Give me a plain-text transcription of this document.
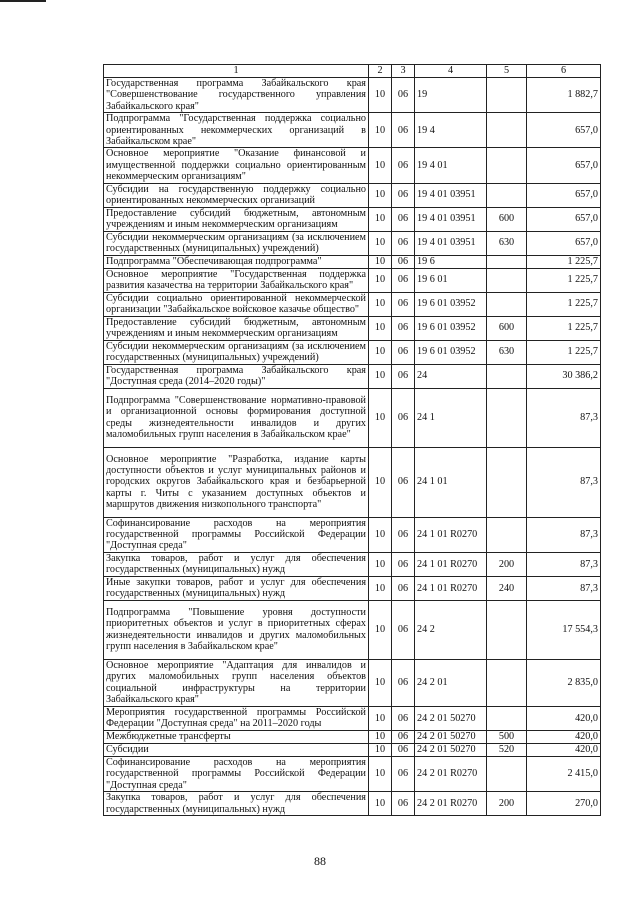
1	2	3	4	5	6
Государственная программа Забайкальского края "Совершенствование государственного управления Забайкальского края"	10	06	19		1 882,7
Подпрограмма "Государственная поддержка социально ориентированных некоммерческих организаций в Забайкальском крае"	10	06	19 4		657,0
Основное мероприятие "Оказание финансовой и имущественной поддержки социально ориентированным некоммерческим организациям"	10	06	19 4 01		657,0
Субсидии на государственную поддержку социально ориентированных некоммерческих организаций	10	06	19 4 01 03951		657,0
Предоставление субсидий бюджетным, автономным учреждениям и иным некоммерческим организациям	10	06	19 4 01 03951	600	657,0
Субсидии некоммерческим организациям (за исключением государственных (муниципальных) учреждений)	10	06	19 4 01 03951	630	657,0
Подпрограмма "Обеспечивающая подпрограмма"	10	06	19 6		1 225,7
Основное мероприятие "Государственная поддержка развития казачества на территории Забайкальского края"	10	06	19 6 01		1 225,7
Субсидии социально ориентированной некоммерческой организации "Забайкальское войсковое казачье общество"	10	06	19 6 01 03952		1 225,7
Предоставление субсидий бюджетным, автономным учреждениям и иным некоммерческим организациям	10	06	19 6 01 03952	600	1 225,7
Субсидии некоммерческим организациям (за исключением государственных (муниципальных) учреждений)	10	06	19 6 01 03952	630	1 225,7
Государственная программа Забайкальского края "Доступная среда (2014–2020 годы)"	10	06	24		30 386,2
Подпрограмма "Совершенствование нормативно-правовой и организационной основы формирования доступной среды жизнедеятельности инвалидов и других маломобильных групп населения в Забайкальском крае"	10	06	24 1		87,3
Основное мероприятие "Разработка, издание карты доступности объектов и услуг муниципальных районов и городских округов Забайкальского края и безбарьерной карты г. Читы с указанием доступных объектов и маршрутов движения низкопольного транспорта"	10	06	24 1 01		87,3
Софинансирование расходов на мероприятия государственной программы Российской Федерации "Доступная среда"	10	06	24 1 01 R0270		87,3
Закупка товаров, работ и услуг для обеспечения государственных (муниципальных) нужд	10	06	24 1 01 R0270	200	87,3
Иные закупки товаров, работ и услуг для обеспечения государственных (муниципальных) нужд	10	06	24 1 01 R0270	240	87,3
Подпрограмма "Повышение уровня доступности приоритетных объектов и услуг в приоритетных сферах жизнедеятельности инвалидов и других маломобильных групп населения в Забайкальском крае"	10	06	24 2		17 554,3
Основное мероприятие "Адаптация для инвалидов и других маломобильных групп населения объектов социальной инфраструктуры на территории Забайкальского края"	10	06	24 2 01		2 835,0
Мероприятия государственной программы Российской Федерации "Доступная среда" на 2011–2020 годы	10	06	24 2 01 50270		420,0
Межбюджетные трансферты	10	06	24 2 01 50270	500	420,0
Субсидии	10	06	24 2 01 50270	520	420,0
Софинансирование расходов на мероприятия государственной программы Российской Федерации "Доступная среда"	10	06	24 2 01 R0270		2 415,0
Закупка товаров, работ и услуг для обеспечения государственных (муниципальных) нужд	10	06	24 2 01 R0270	200	270,0
88
